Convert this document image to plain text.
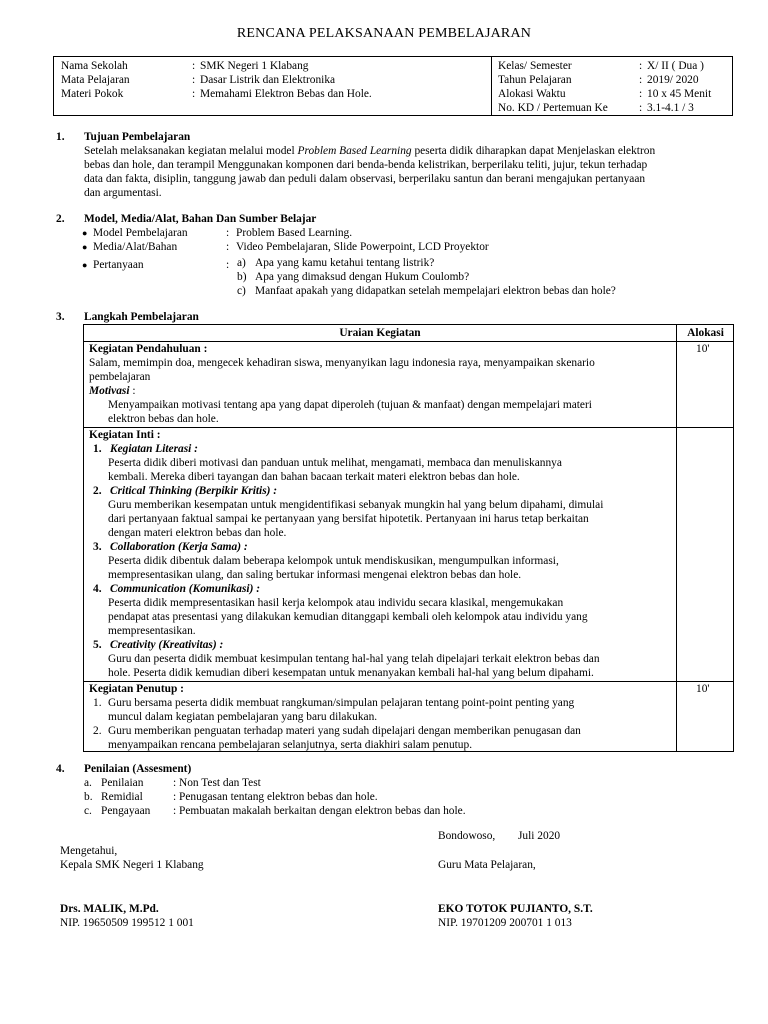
RENCANA PELAKSANAAN PEMBELAJARAN
Nama Sekolah	: SMK Negeri 1 Klabang
Mata Pelajaran	: Dasar Listrik dan Elektronika
Materi Pokok	: Memahami Elektron Bebas dan Hole.
Kelas/ Semester	: X/ II ( Dua )
Tahun Pelajaran	: 2019/ 2020
Alokasi Waktu	: 10 x 45 Menit
No. KD / Pertemuan Ke	: 3.1-4.1 / 3
1. Tujuan Pembelajaran
Setelah melaksanakan kegiatan melalui model Problem Based Learning peserta didik diharapkan dapat Menjelaskan elektron
bebas dan hole, dan terampil Menggunakan komponen dari benda-benda kelistrikan, berperilaku teliti, jujur, tekun terhadap
data dan fakta, disiplin, tanggung jawab dan peduli dalam observasi, berperilaku santun dan berani mengajukan pertanyaan
dan argumentasi.
2. Model, Media/Alat, Bahan Dan Sumber Belajar
● Model Pembelajaran	: Problem Based Learning.
● Media/Alat/Bahan	: Video Pembelajaran, Slide Powerpoint, LCD Proyektor
● Pertanyaan	: a) Apa yang kamu ketahui tentang listrik?
b) Apa yang dimaksud dengan Hukum Coulomb?
c) Manfaat apakah yang didapatkan setelah mempelajari elektron bebas dan hole?
3. Langkah Pembelajaran
Uraian Kegiatan	Alokasi
Kegiatan Pendahuluan :	10'
Salam, memimpin doa, mengecek kehadiran siswa, menyanyikan lagu indonesia raya, menyampaikan skenario
pembelajaran
Motivasi :
Menyampaikan motivasi tentang apa yang dapat diperoleh (tujuan & manfaat) dengan mempelajari materi
elektron bebas dan hole.
Kegiatan Inti :
1. Kegiatan Literasi :
Peserta didik diberi motivasi dan panduan untuk melihat, mengamati, membaca dan menuliskannya
kembali. Mereka diberi tayangan dan bahan bacaan terkait materi elektron bebas dan hole.
2. Critical Thinking (Berpikir Kritis) :
Guru memberikan kesempatan untuk mengidentifikasi sebanyak mungkin hal yang belum dipahami, dimulai
dari pertanyaan faktual sampai ke pertanyaan yang bersifat hipotetik. Pertanyaan ini harus tetap berkaitan
dengan materi elektron bebas dan hole.
3. Collaboration (Kerja Sama) :
Peserta didik dibentuk dalam beberapa kelompok untuk mendiskusikan, mengumpulkan informasi,
mempresentasikan ulang, dan saling bertukar informasi mengenai elektron bebas dan hole.
4. Communication (Komunikasi) :
Peserta didik mempresentasikan hasil kerja kelompok atau individu secara klasikal, mengemukakan
pendapat atas presentasi yang dilakukan kemudian ditanggapi kembali oleh kelompok atau individu yang
mempresentasikan.
5. Creativity (Kreativitas) :
Guru dan peserta didik membuat kesimpulan tentang hal-hal yang telah dipelajari terkait elektron bebas dan
hole. Peserta didik kemudian diberi kesempatan untuk menanyakan kembali hal-hal yang belum dipahami.
Kegiatan Penutup :	10'
1. Guru bersama peserta didik membuat rangkuman/simpulan pelajaran tentang point-point penting yang
muncul dalam kegiatan pembelajaran yang baru dilakukan.
2. Guru memberikan penguatan terhadap materi yang sudah dipelajari dengan memberikan penugasan dan
menyampaikan rencana pembelajaran selanjutnya, serta diakhiri salam penutup.
4. Penilaian (Assesment)
a. Penilaian	: Non Test dan Test
b. Remidial	: Penugasan tentang elektron bebas dan hole.
c. Pengayaan : Pembuatan makalah berkaitan dengan elektron bebas dan hole.
Bondowoso, Juli 2020
Mengetahui,
Kepala SMK Negeri 1 Klabang	Guru Mata Pelajaran,
Drs. MALIK, M.Pd.
NIP. 19650509 199512 1 001
EKO TOTOK PUJIANTO, S.T.
NIP. 19701209 200701 1 013
